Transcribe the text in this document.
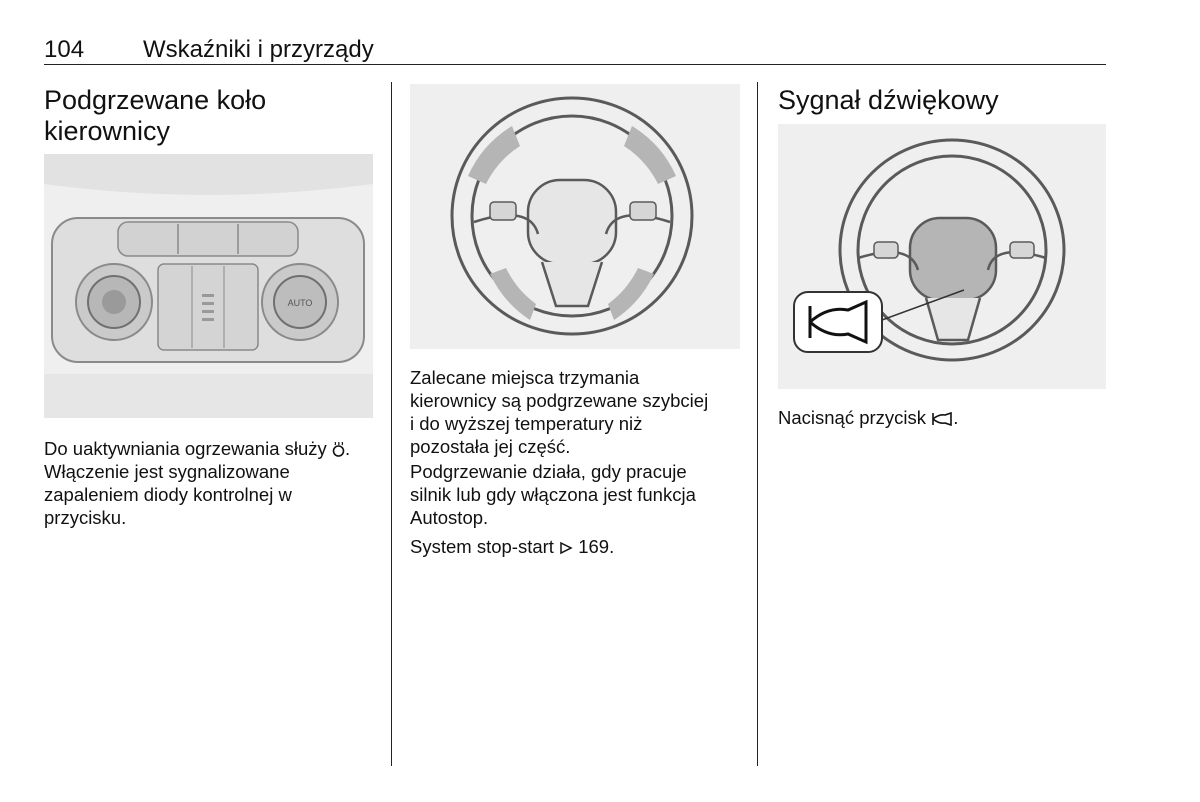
104 Wskaźniki i przyrządy
Podgrzewane koło kierownicy
AUTO

Do uaktywniania ogrzewania służy .
Włączenie jest sygnalizowane
zapaleniem diody kontrolnej w
przycisku.

Zalecane miejsca trzymania
kierownicy są podgrzewane szybciej
i do wyższej temperatury niż
pozostała jej część.

Podgrzewanie działa, gdy pracuje
silnik lub gdy włączona jest funkcja
Autostop.

System stop-start  169.

Sygnał dźwiękowy

Nacisnąć przycisk .
